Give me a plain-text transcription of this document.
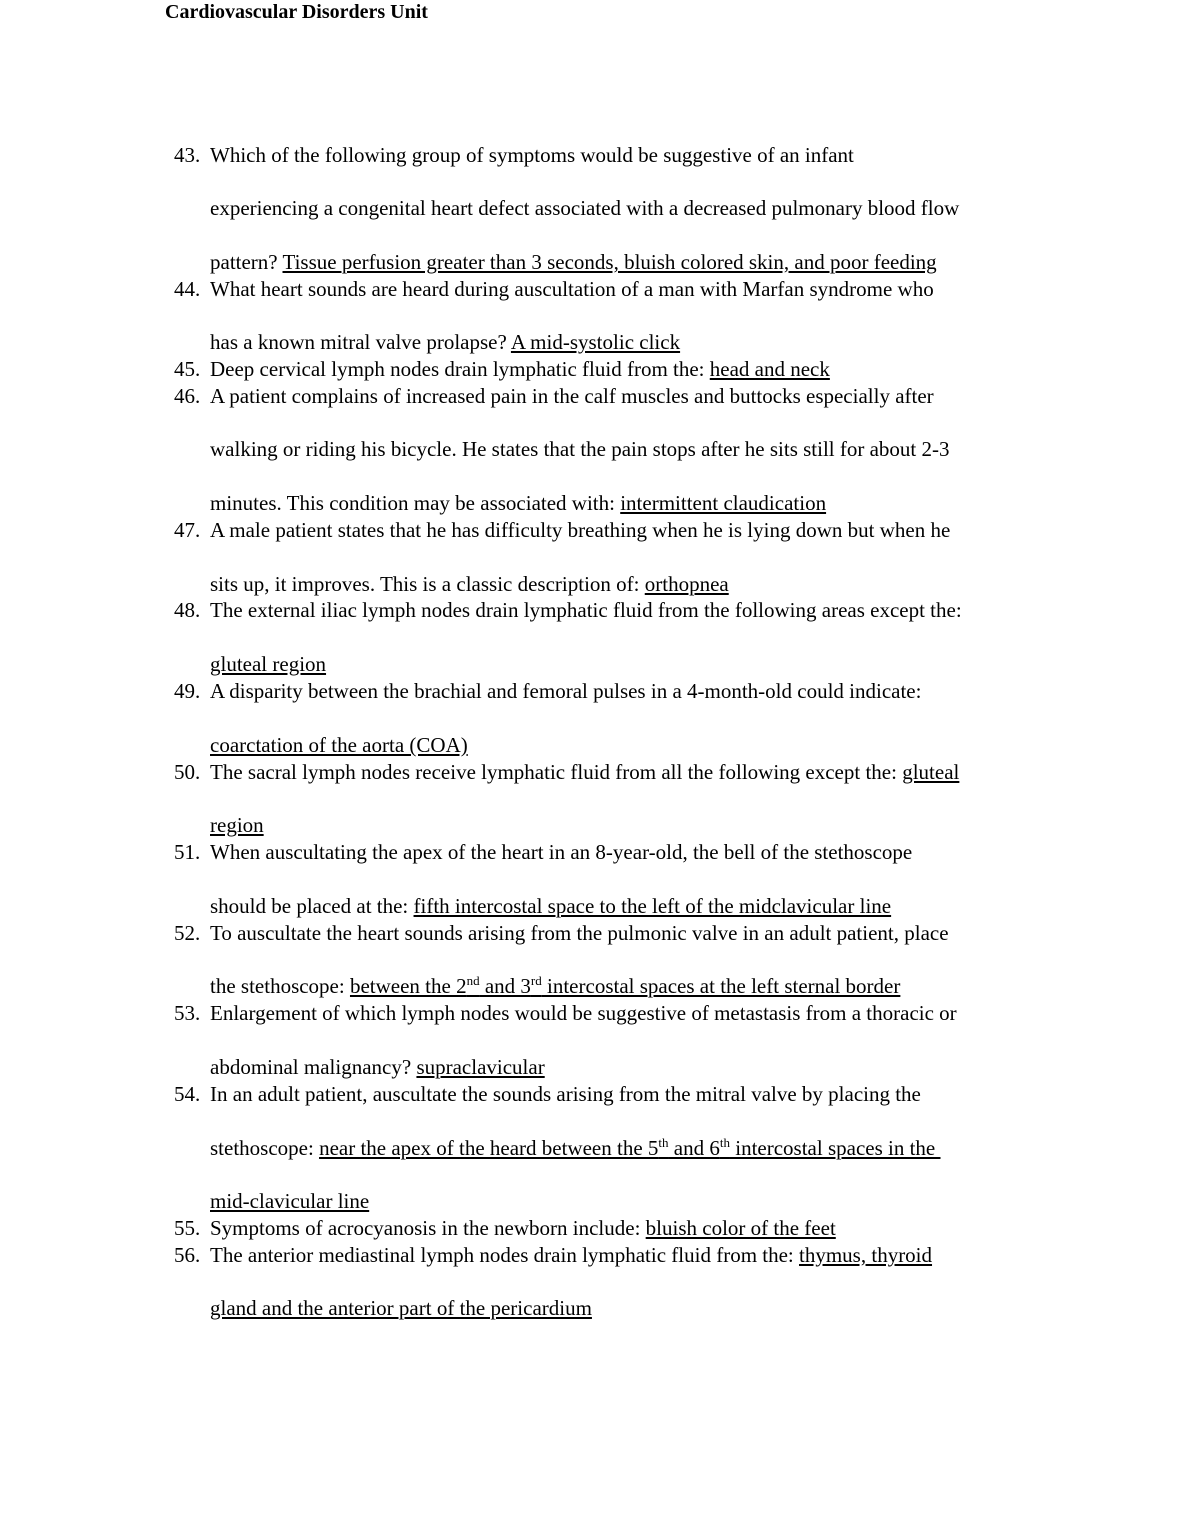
Cardiovascular Disorders Unit
43. Which of the following group of symptoms would be suggestive of an infant
experiencing a congenital heart defect associated with a decreased pulmonary blood flow
pattern? Tissue perfusion greater than 3 seconds, bluish colored skin, and poor feeding
44. What heart sounds are heard during auscultation of a man with Marfan syndrome who
has a known mitral valve prolapse? A mid-systolic click
45. Deep cervical lymph nodes drain lymphatic fluid from the: head and neck
46. A patient complains of increased pain in the calf muscles and buttocks especially after
walking or riding his bicycle. He states that the pain stops after he sits still for about 2-3
minutes. This condition may be associated with: intermittent claudication
47. A male patient states that he has difficulty breathing when he is lying down but when he
sits up, it improves. This is a classic description of: orthopnea
48. The external iliac lymph nodes drain lymphatic fluid from the following areas except the:
gluteal region
49. A disparity between the brachial and femoral pulses in a 4-month-old could indicate:
coarctation of the aorta (COA)
50. The sacral lymph nodes receive lymphatic fluid from all the following except the: gluteal
region
51. When auscultating the apex of the heart in an 8-year-old, the bell of the stethoscope
should be placed at the: fifth intercostal space to the left of the midclavicular line
52. To auscultate the heart sounds arising from the pulmonic valve in an adult patient, place
the stethoscope: between the 2nd and 3rd intercostal spaces at the left sternal border
53. Enlargement of which lymph nodes would be suggestive of metastasis from a thoracic or
abdominal malignancy? supraclavicular
54. In an adult patient, auscultate the sounds arising from the mitral valve by placing the
stethoscope: near the apex of the heard between the 5th and 6th intercostal spaces in the
mid-clavicular line
55. Symptoms of acrocyanosis in the newborn include: bluish color of the feet
56. The anterior mediastinal lymph nodes drain lymphatic fluid from the: thymus, thyroid
gland and the anterior part of the pericardium
